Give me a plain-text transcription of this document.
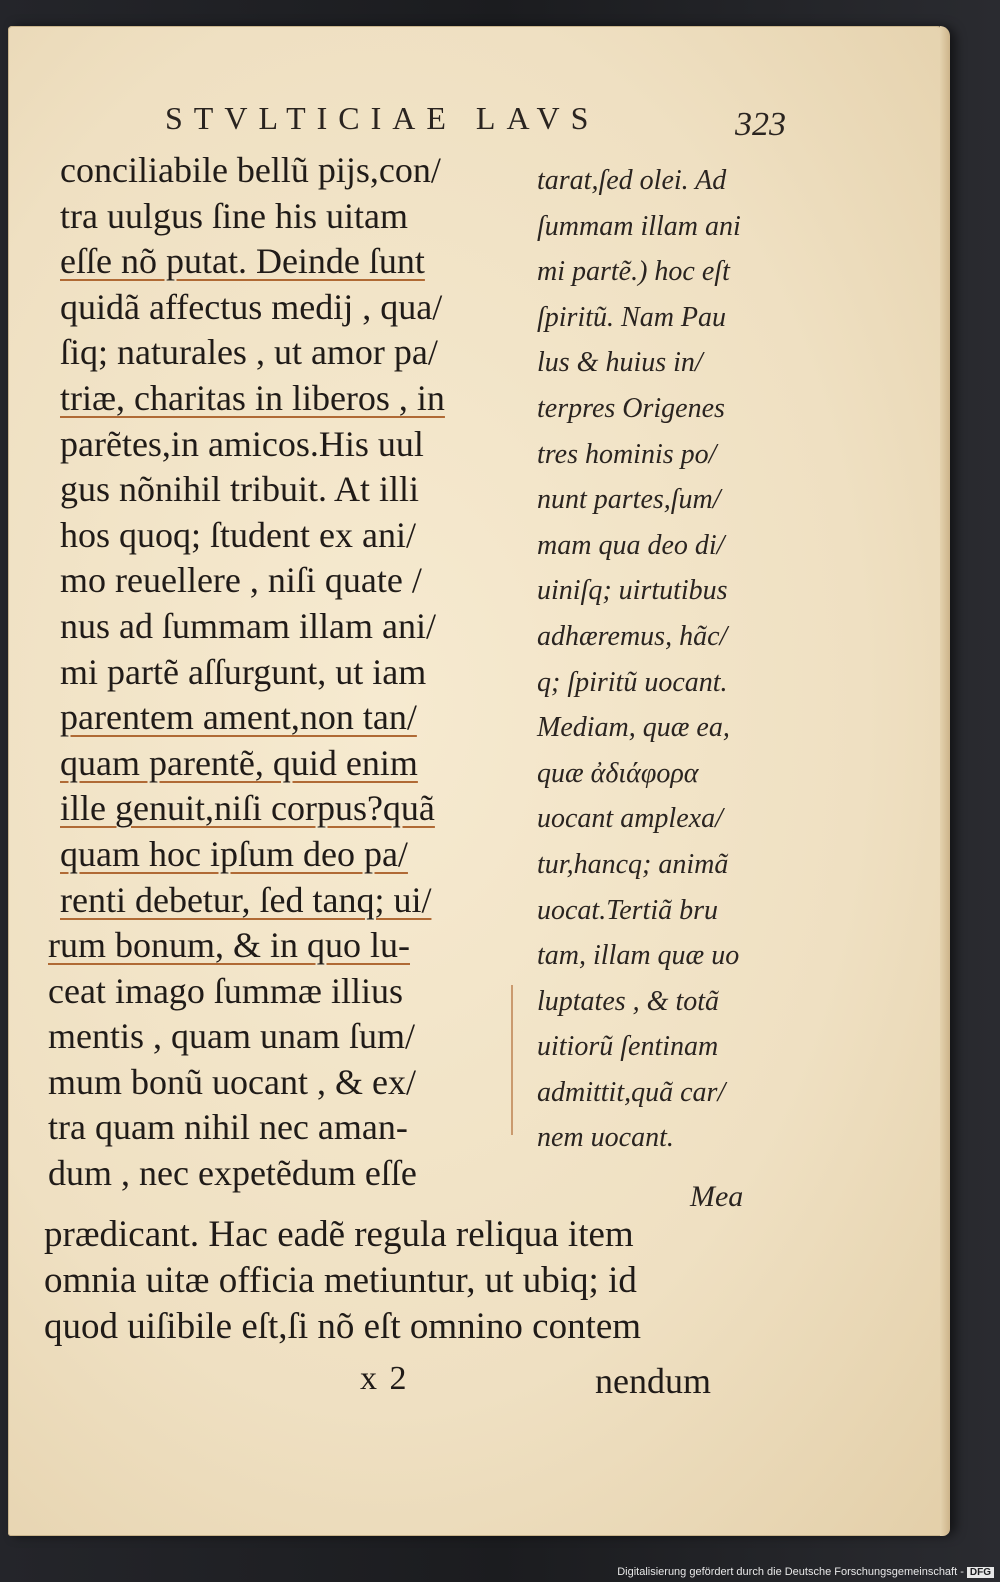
STVLTICIAE LAVS	323
conciliabile bellũ pijs,con/
tra uulgus ſine his uitam
eſſe nõ putat. Deinde ſunt
quidã affectus medij , qua/
ſiq; naturales , ut amor pa/
triæ, charitas in liberos , in
parẽtes,in amicos.His uul
gus nõnihil tribuit. At illi
hos quoq; ſtudent ex ani/
mo reuellere , niſi quate /
nus ad ſummam illam ani/
mi partẽ aſſurgunt, ut iam
parentem ament,non tan/
quam parentẽ, quid enim
ille genuit,niſi corpus?quã
quam hoc ipſum deo pa/
renti debetur, ſed tanq; ui/
rum bonum, & in quo lu-
ceat imago ſummæ illius
mentis , quam unam ſum/
mum bonũ uocant , & ex/
tra quam nihil nec aman-
dum , nec expetẽdum eſſe
tarat,ſed olei. Ad
ſummam illam ani
mi partẽ.) hoc eſt
ſpiritũ. Nam Pau
lus & huius in/
terpres Origenes
tres hominis po/
nunt partes,ſum/
mam qua deo di/
uiniſq; uirtutibus
adhæremus, hãc/
q; ſpiritũ uocant.
Mediam, quæ ea,
quæ ἀδιάφορα
uocant amplexa/
tur,hancq; animã
uocat.Tertiã bru
tam, illam quæ uo
luptates , & totã
uitiorũ ſentinam
admittit,quã car/
nem uocant.
Mea
prædicant. Hac eadẽ regula reliqua item
omnia uitæ officia metiuntur, ut ubiq; id
quod uiſibile eſt,ſi nõ eſt omnino contem
x 2	nendum
Digitalisierung gefördert durch die Deutsche Forschungsgemeinschaft - DFG
